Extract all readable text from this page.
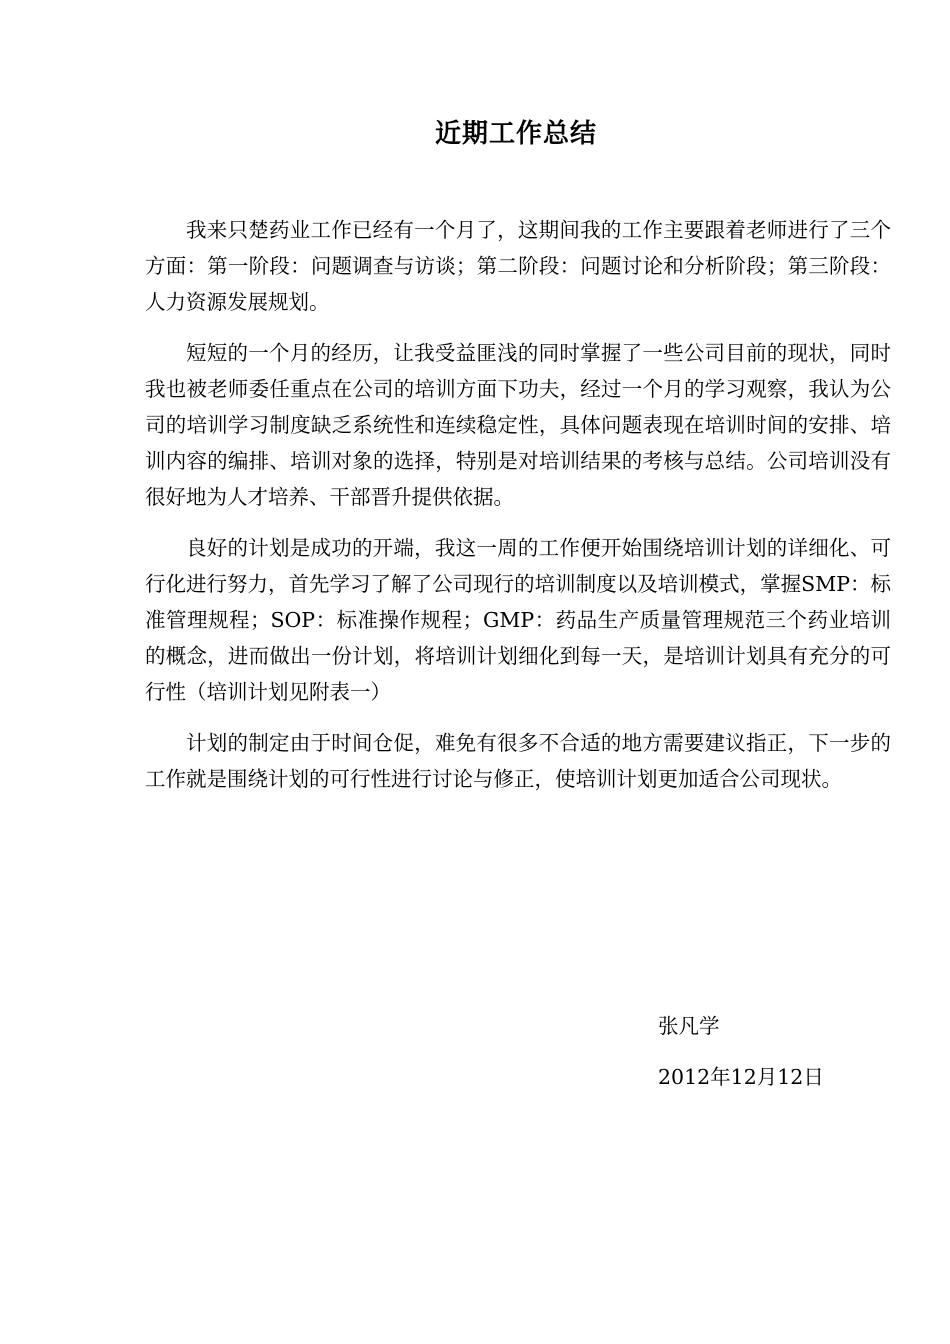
近期工作总结

我来只楚药业工作已经有一个月了，这期间我的工作主要跟着老师进行了三个方面：第一阶段：问题调查与访谈；第二阶段：问题讨论和分析阶段；第三阶段：人力资源发展规划。

短短的一个月的经历，让我受益匪浅的同时掌握了一些公司目前的现状，同时我也被老师委任重点在公司的培训方面下功夫，经过一个月的学习观察，我认为公司的培训学习制度缺乏系统性和连续稳定性，具体问题表现在培训时间的安排、培训内容的编排、培训对象的选择，特别是对培训结果的考核与总结。公司培训没有很好地为人才培养、干部晋升提供依据。

良好的计划是成功的开端，我这一周的工作便开始围绕培训计划的详细化、可行化进行努力，首先学习了解了公司现行的培训制度以及培训模式，掌握SMP：标准管理规程；SOP：标准操作规程；GMP：药品生产质量管理规范三个药业培训的概念，进而做出一份计划，将培训计划细化到每一天，是培训计划具有充分的可行性（培训计划见附表一）

计划的制定由于时间仓促，难免有很多不合适的地方需要建议指正，下一步的工作就是围绕计划的可行性进行讨论与修正，使培训计划更加适合公司现状。

张凡学
2012年12月12日
